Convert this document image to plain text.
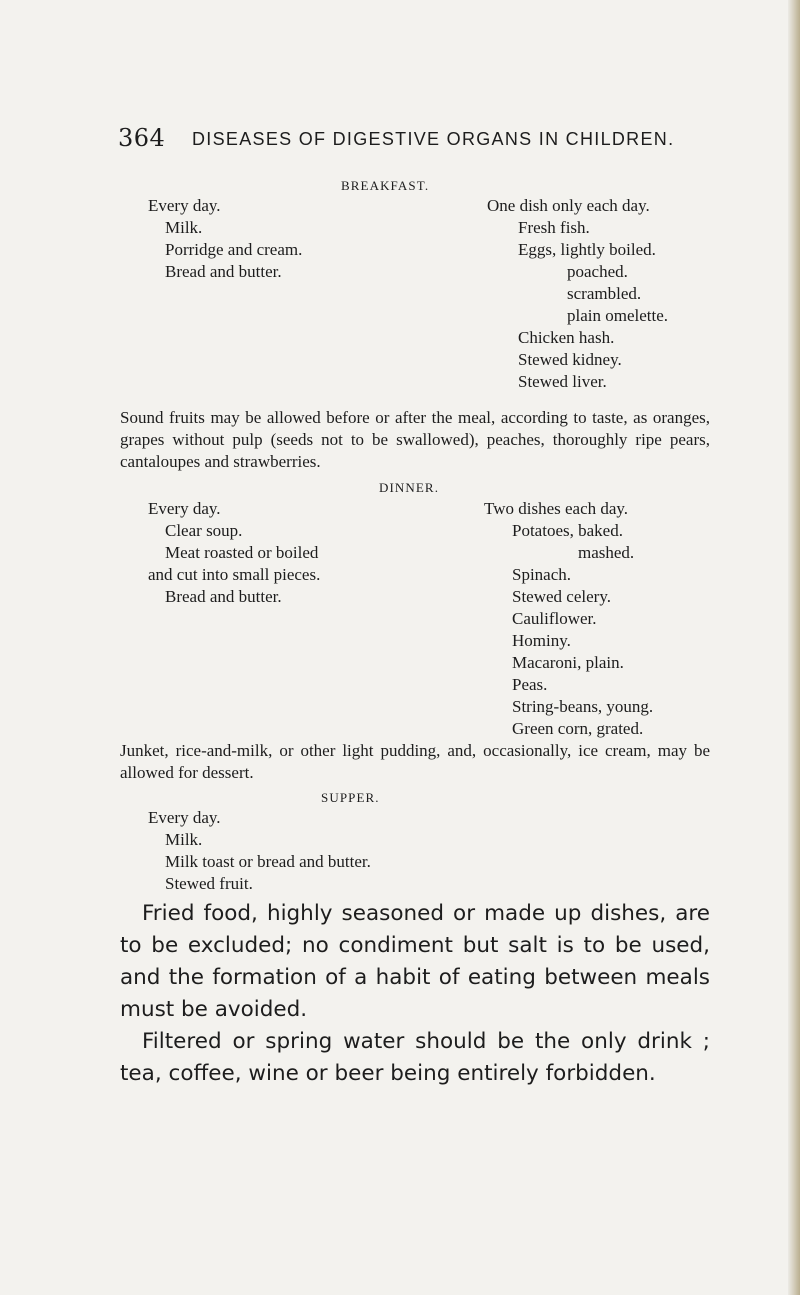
364 DISEASES OF DIGESTIVE ORGANS IN CHILDREN.
BREAKFAST.
Every day.
Milk.
Porridge and cream.
Bread and butter.
One dish only each day.
Fresh fish.
Eggs, lightly boiled.
poached.
scrambled.
plain omelette.
Chicken hash.
Stewed kidney.
Stewed liver.
Sound fruits may be allowed before or after the meal, according to taste, as oranges, grapes without pulp (seeds not to be swallowed), peaches, thoroughly ripe pears, cantaloupes and strawberries.
DINNER.
Every day.
Clear soup.
Meat roasted or boiled
and cut into small pieces.
Bread and butter.
Two dishes each day.
Potatoes, baked.
mashed.
Spinach.
Stewed celery.
Cauliflower.
Hominy.
Macaroni, plain.
Peas.
String-beans, young.
Green corn, grated.
Junket, rice-and-milk, or other light pudding, and, occasionally, ice cream, may be allowed for dessert.
SUPPER.
Every day.
Milk.
Milk toast or bread and butter.
Stewed fruit.

Fried food, highly seasoned or made up dishes, are to be excluded; no condiment but salt is to be used, and the formation of a habit of eating between meals must be avoided.

Filtered or spring water should be the only drink ; tea, coffee, wine or beer being entirely forbidden.
